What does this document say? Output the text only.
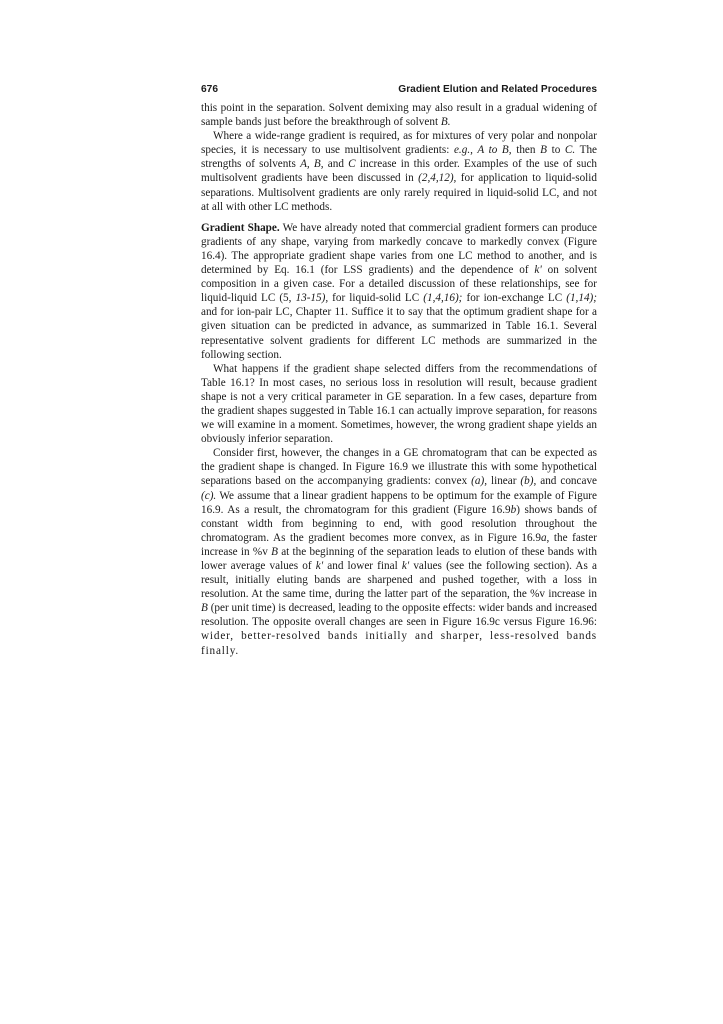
676	Gradient Elution and Related Procedures

this point in the separation. Solvent demixing may also result in a gradual widening of sample bands just before the breakthrough of solvent B.

Where a wide-range gradient is required, as for mixtures of very polar and nonpolar species, it is necessary to use multisolvent gradients: e.g., A to B, then B to C. The strengths of solvents A, B, and C increase in this order. Examples of the use of such multisolvent gradients have been discussed in (2,4,12), for application to liquid-solid separations. Multisolvent gradients are only rarely required in liquid-solid LC, and not at all with other LC methods.

Gradient Shape. We have already noted that commercial gradient formers can produce gradients of any shape, varying from markedly concave to markedly convex (Figure 16.4). The appropriate gradient shape varies from one LC method to another, and is determined by Eq. 16.1 (for LSS gradients) and the dependence of k' on solvent composition in a given case. For a detailed discussion of these relationships, see for liquid-liquid LC (5, 13-15), for liquid-solid LC (1,4,16); for ion-exchange LC (1,14); and for ion-pair LC, Chapter 11. Suffice it to say that the optimum gradient shape for a given situation can be predicted in advance, as summarized in Table 16.1. Several representative solvent gradients for different LC methods are summarized in the following section.

What happens if the gradient shape selected differs from the recommendations of Table 16.1? In most cases, no serious loss in resolution will result, because gradient shape is not a very critical parameter in GE separation. In a few cases, departure from the gradient shapes suggested in Table 16.1 can actually improve separation, for reasons we will examine in a moment. Sometimes, however, the wrong gradient shape yields an obviously inferior separation.

Consider first, however, the changes in a GE chromatogram that can be expected as the gradient shape is changed. In Figure 16.9 we illustrate this with some hypothetical separations based on the accompanying gradients: convex (a), linear (b), and concave (c). We assume that a linear gradient happens to be optimum for the example of Figure 16.9. As a result, the chromatogram for this gradient (Figure 16.9b) shows bands of constant width from beginning to end, with good resolution throughout the chromatogram. As the gradient becomes more convex, as in Figure 16.9a, the faster increase in %v B at the beginning of the separation leads to elution of these bands with lower average values of k' and lower final k' values (see the following section). As a result, initially eluting bands are sharpened and pushed together, with a loss in resolution. At the same time, during the latter part of the separation, the %v increase in B (per unit time) is decreased, leading to the opposite effects: wider bands and increased resolution. The opposite overall changes are seen in Figure 16.9c versus Figure 16.96: wider, better-resolved bands initially and sharper, less-resolved bands finally.
